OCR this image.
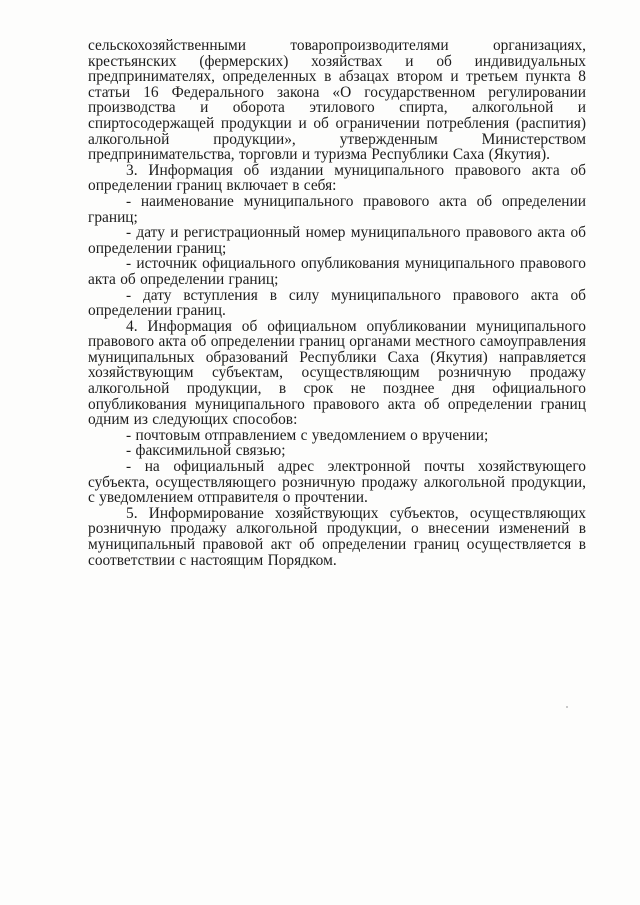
сельскохозяйственными товаропроизводителями организациях, крестьянских (фермерских) хозяйствах и об индивидуальных предпринимателях, определенных в абзацах втором и третьем пункта 8 статьи 16 Федерального закона «О государственном регулировании производства и оборота этилового спирта, алкогольной и спиртосодержащей продукции и об ограничении потребления (распития) алкогольной продукции», утвержденным Министерством предпринимательства, торговли и туризма Республики Саха (Якутия).

3. Информация об издании муниципального правового акта об определении границ включает в себя:

- наименование муниципального правового акта об определении границ;

- дату и регистрационный номер муниципального правового акта об определении границ;

- источник официального опубликования муниципального правового акта об определении границ;

- дату вступления в силу муниципального правового акта об определении границ.

4. Информация об официальном опубликовании муниципального правового акта об определении границ органами местного самоуправления муниципальных образований Республики Саха (Якутия) направляется хозяйствующим субъектам, осуществляющим розничную продажу алкогольной продукции, в срок не позднее дня официального опубликования муниципального правового акта об определении границ одним из следующих способов:

- почтовым отправлением с уведомлением о вручении;

- факсимильной связью;

- на официальный адрес электронной почты хозяйствующего субъекта, осуществляющего розничную продажу алкогольной продукции, с уведомлением отправителя о прочтении.

5. Информирование хозяйствующих субъектов, осуществляющих розничную продажу алкогольной продукции, о внесении изменений в муниципальный правовой акт об определении границ осуществляется в соответствии с настоящим Порядком.
